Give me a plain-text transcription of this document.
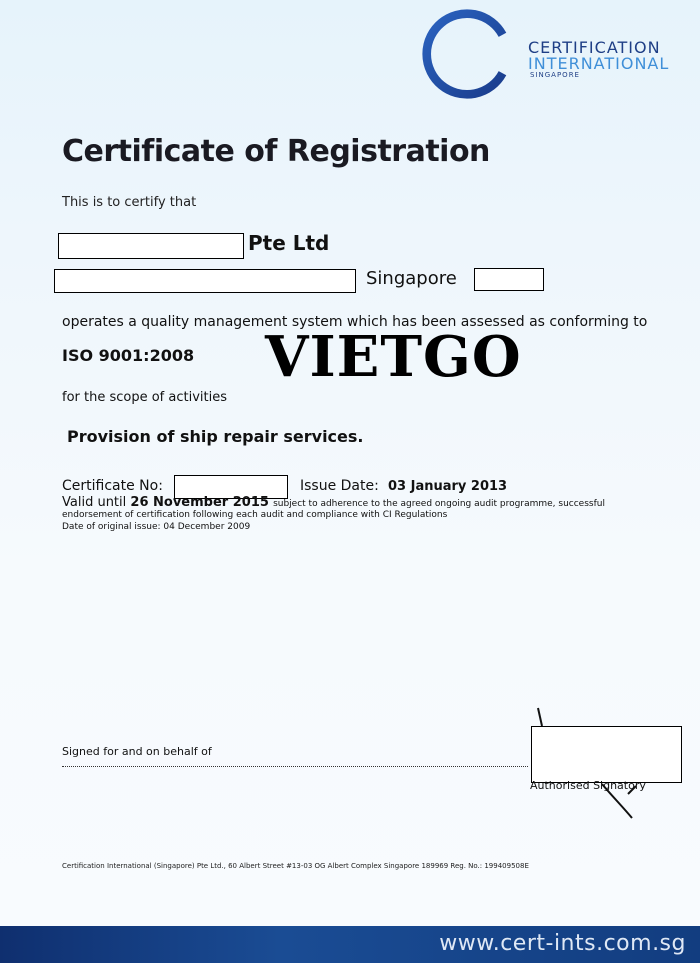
CERTIFICATION
INTERNATIONAL
SINGAPORE
Certificate of Registration
This is to certify that
Pte Ltd
Singapore
operates a quality management system which has been assessed as conforming to
ISO 9001:2008 VIETGO
for the scope of activities
Provision of ship repair services.
Certificate No:	Issue Date: 03 January 2013
Valid until 26 November 2015 subject to adherence to the agreed ongoing audit programme, successful
endorsement of certification following each audit and compliance with CI Regulations
Date of original issue: 04 December 2009
Signed for and on behalf of
Authorised Signatory
Certification International (Singapore) Pte Ltd., 60 Albert Street #13-03 OG Albert Complex Singapore 189969 Reg. No.: 199409508E
www.cert-ints.com.sg
